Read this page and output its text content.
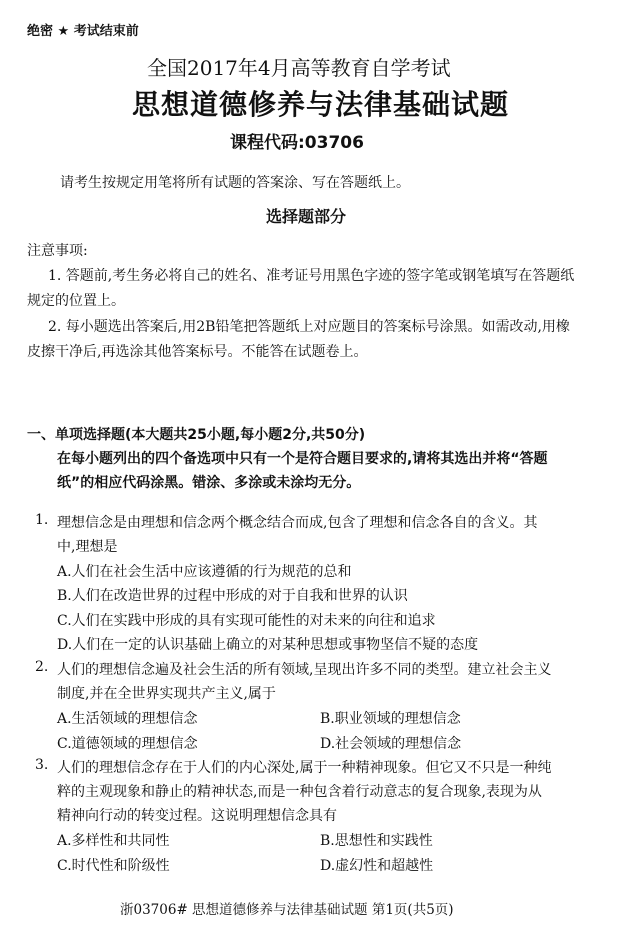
绝密 ★ 考试结束前
全国2017年4月高等教育自学考试
思想道德修养与法律基础试题
课程代码:03706
请考生按规定用笔将所有试题的答案涂、写在答题纸上。
选择题部分
注意事项:
1. 答题前,考生务必将自己的姓名、准考证号用黑色字迹的签字笔或钢笔填写在答题纸
规定的位置上。
2. 每小题选出答案后,用2B铅笔把答题纸上对应题目的答案标号涂黑。如需改动,用橡
皮擦干净后,再选涂其他答案标号。不能答在试题卷上。
一、单项选择题(本大题共25小题,每小题2分,共50分)
在每小题列出的四个备选项中只有一个是符合题目要求的,请将其选出并将“答题
纸”的相应代码涂黑。错涂、多涂或未涂均无分。
1. 理想信念是由理想和信念两个概念结合而成,包含了理想和信念各自的含义。其
中,理想是
A.人们在社会生活中应该遵循的行为规范的总和
B.人们在改造世界的过程中形成的对于自我和世界的认识
C.人们在实践中形成的具有实现可能性的对未来的向往和追求
D.人们在一定的认识基础上确立的对某种思想或事物坚信不疑的态度
2. 人们的理想信念遍及社会生活的所有领域,呈现出许多不同的类型。建立社会主义
制度,并在全世界实现共产主义,属于
A.生活领域的理想信念	B.职业领域的理想信念
C.道德领域的理想信念	D.社会领域的理想信念
3. 人们的理想信念存在于人们的内心深处,属于一种精神现象。但它又不只是一种纯
粹的主观现象和静止的精神状态,而是一种包含着行动意志的复合现象,表现为从
精神向行动的转变过程。这说明理想信念具有
A.多样性和共同性	B.思想性和实践性
C.时代性和阶级性	D.虚幻性和超越性
浙03706# 思想道德修养与法律基础试题 第1页(共5页)
